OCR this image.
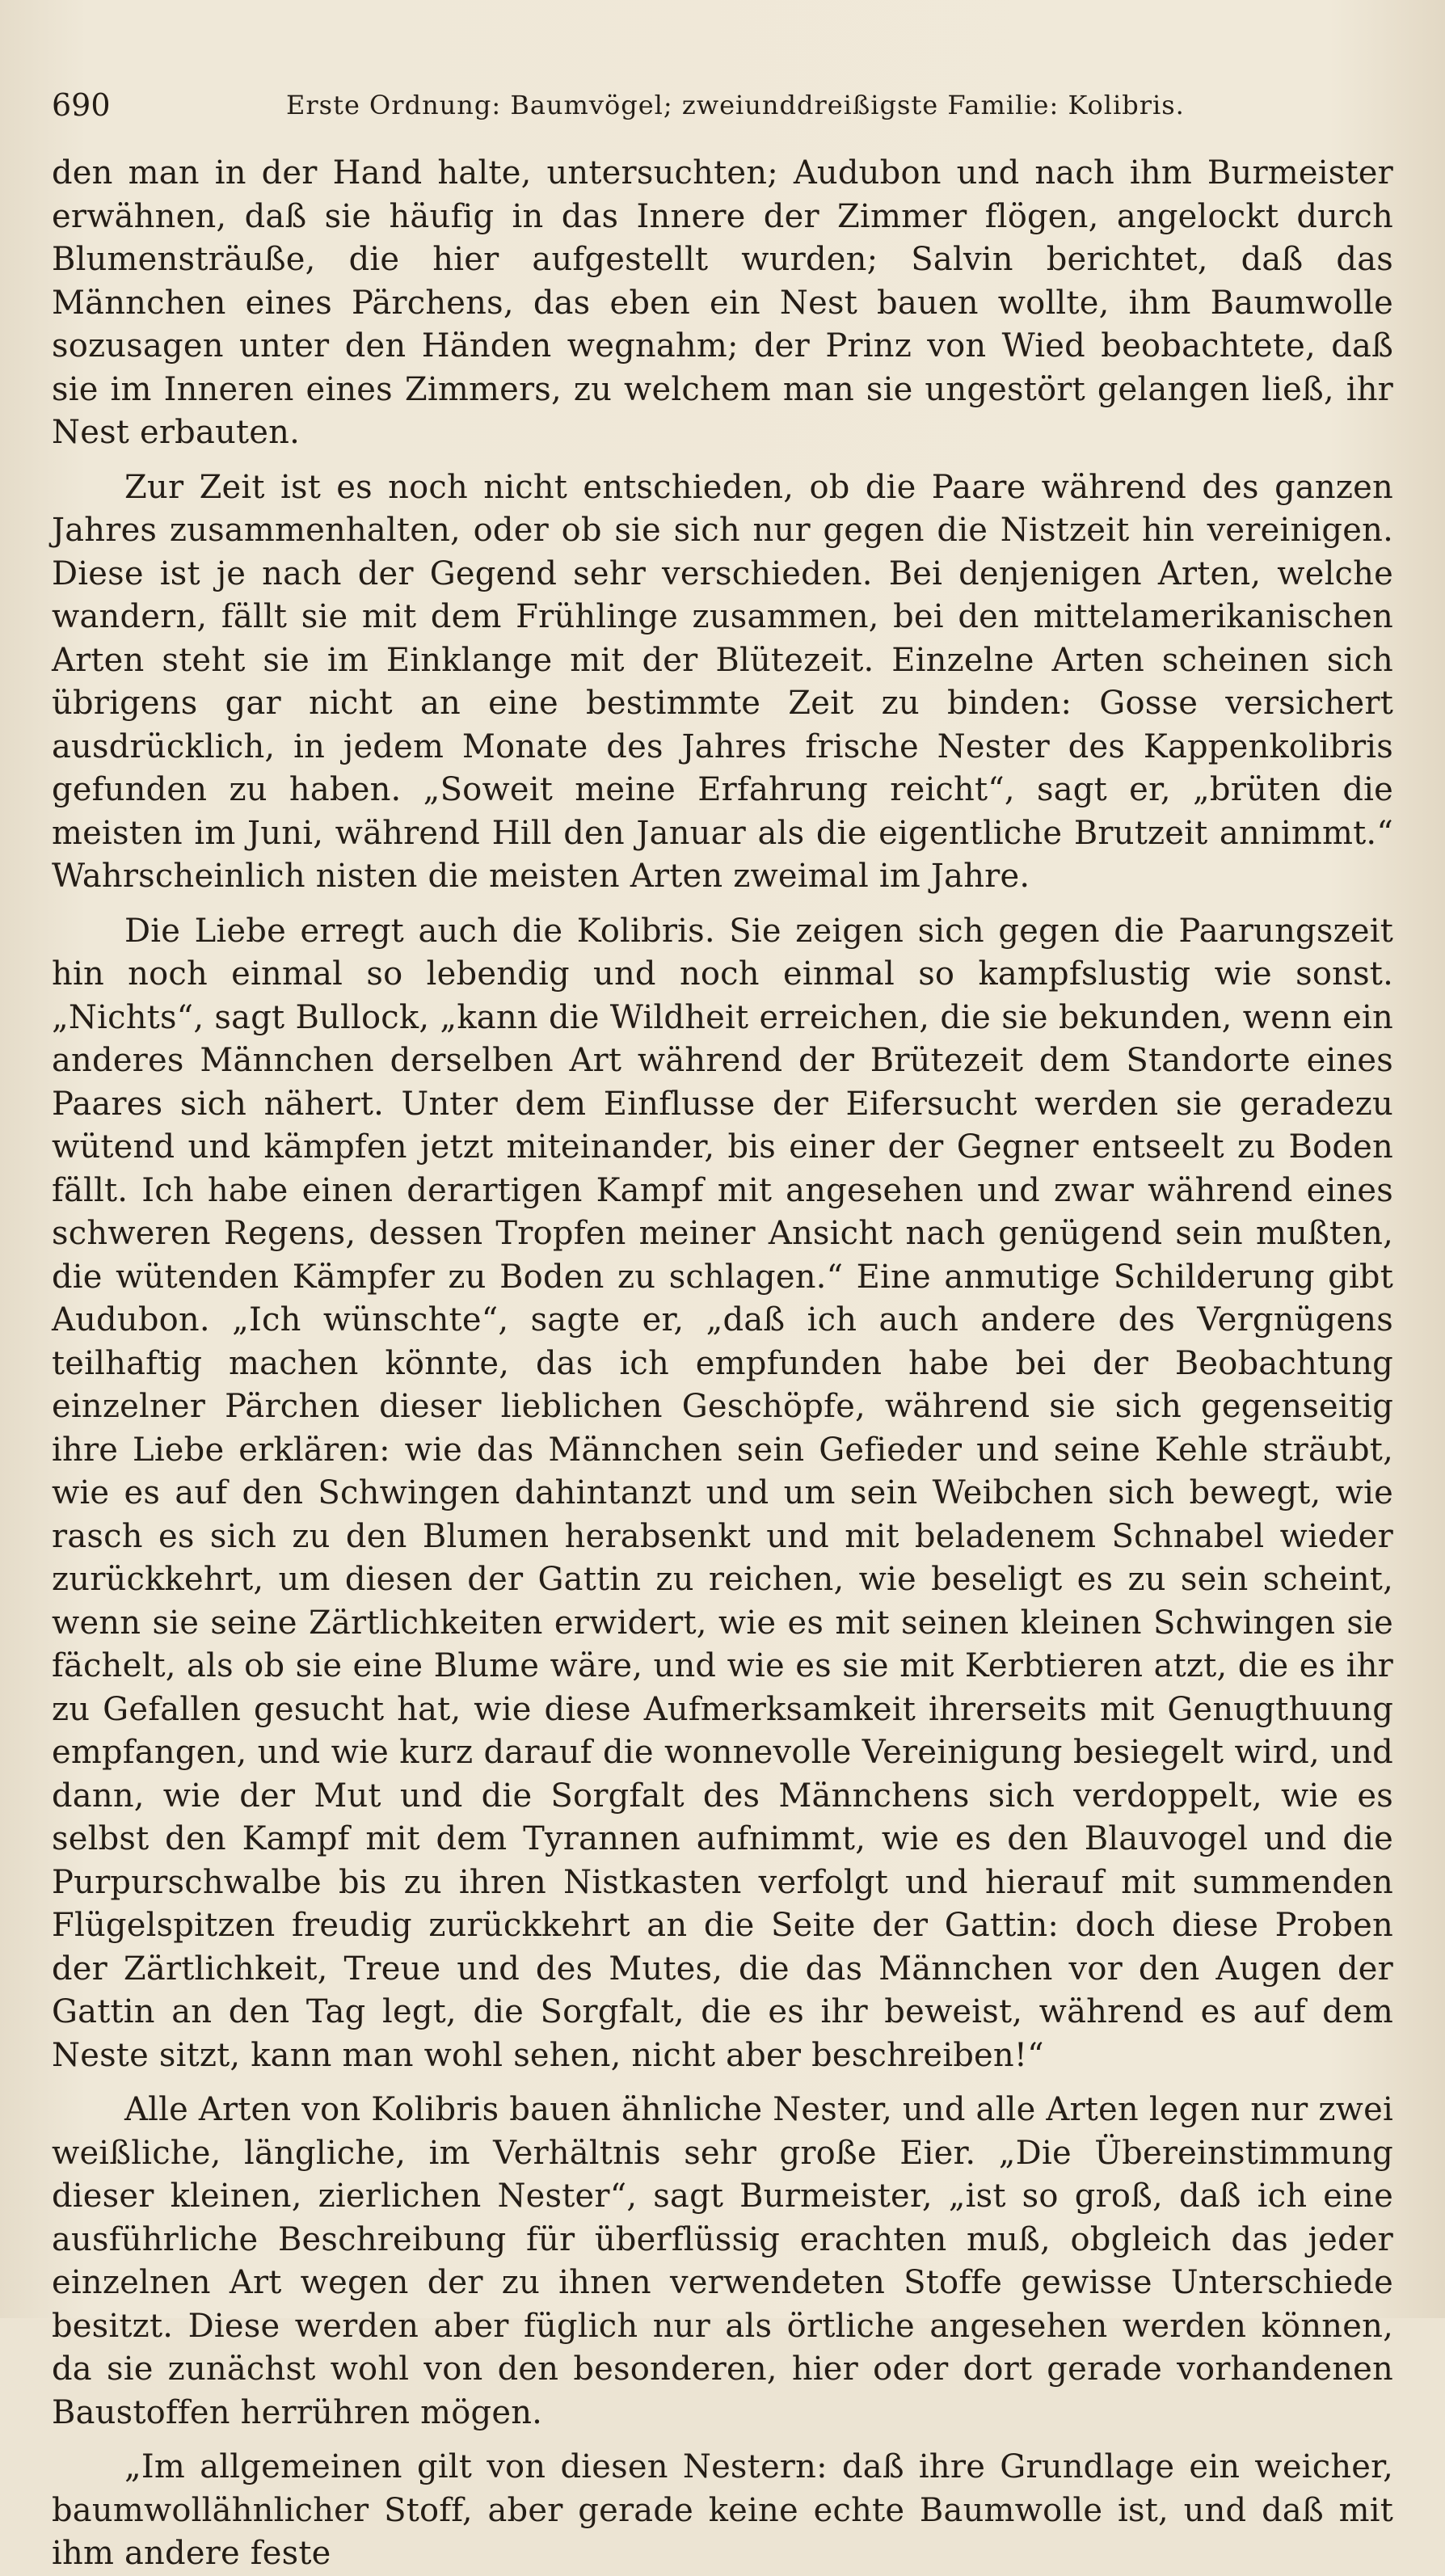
690	Erste Ordnung: Baumvögel; zweiunddreißigste Familie: Kolibris.

den man in der Hand halte, untersuchten; Audubon und nach ihm Burmeister erwähnen, daß sie häufig in das Innere der Zimmer flögen, angelockt durch Blumensträuße, die hier aufgestellt wurden; Salvin berichtet, daß das Männchen eines Pärchens, das eben ein Nest bauen wollte, ihm Baumwolle sozusagen unter den Händen wegnahm; der Prinz von Wied beobachtete, daß sie im Inneren eines Zimmers, zu welchem man sie ungestört gelangen ließ, ihr Nest erbauten.

Zur Zeit ist es noch nicht entschieden, ob die Paare während des ganzen Jahres zusammenhalten, oder ob sie sich nur gegen die Nistzeit hin vereinigen. Diese ist je nach der Gegend sehr verschieden. Bei denjenigen Arten, welche wandern, fällt sie mit dem Frühlinge zusammen, bei den mittelamerikanischen Arten steht sie im Einklange mit der Blütezeit. Einzelne Arten scheinen sich übrigens gar nicht an eine bestimmte Zeit zu binden: Gosse versichert ausdrücklich, in jedem Monate des Jahres frische Nester des Kappenkolibris gefunden zu haben. „Soweit meine Erfahrung reicht“, sagt er, „brüten die meisten im Juni, während Hill den Januar als die eigentliche Brutzeit annimmt.“ Wahrscheinlich nisten die meisten Arten zweimal im Jahre.

Die Liebe erregt auch die Kolibris. Sie zeigen sich gegen die Paarungszeit hin noch einmal so lebendig und noch einmal so kampfslustig wie sonst. „Nichts“, sagt Bullock, „kann die Wildheit erreichen, die sie bekunden, wenn ein anderes Männchen derselben Art während der Brütezeit dem Standorte eines Paares sich nähert. Unter dem Einflusse der Eifersucht werden sie geradezu wütend und kämpfen jetzt miteinander, bis einer der Gegner entseelt zu Boden fällt. Ich habe einen derartigen Kampf mit angesehen und zwar während eines schweren Regens, dessen Tropfen meiner Ansicht nach genügend sein mußten, die wütenden Kämpfer zu Boden zu schlagen.“ Eine anmutige Schilderung gibt Audubon. „Ich wünschte“, sagte er, „daß ich auch andere des Vergnügens teilhaftig machen könnte, das ich empfunden habe bei der Beobachtung einzelner Pärchen dieser lieblichen Geschöpfe, während sie sich gegenseitig ihre Liebe erklären: wie das Männchen sein Gefieder und seine Kehle sträubt, wie es auf den Schwingen dahintanzt und um sein Weibchen sich bewegt, wie rasch es sich zu den Blumen herabsenkt und mit beladenem Schnabel wieder zurückkehrt, um diesen der Gattin zu reichen, wie beseligt es zu sein scheint, wenn sie seine Zärtlichkeiten erwidert, wie es mit seinen kleinen Schwingen sie fächelt, als ob sie eine Blume wäre, und wie es sie mit Kerbtieren atzt, die es ihr zu Gefallen gesucht hat, wie diese Aufmerksamkeit ihrerseits mit Genugthuung empfangen, und wie kurz darauf die wonnevolle Vereinigung besiegelt wird, und dann, wie der Mut und die Sorgfalt des Männchens sich verdoppelt, wie es selbst den Kampf mit dem Tyrannen aufnimmt, wie es den Blauvogel und die Purpurschwalbe bis zu ihren Nistkasten verfolgt und hierauf mit summenden Flügelspitzen freudig zurückkehrt an die Seite der Gattin: doch diese Proben der Zärtlichkeit, Treue und des Mutes, die das Männchen vor den Augen der Gattin an den Tag legt, die Sorgfalt, die es ihr beweist, während es auf dem Neste sitzt, kann man wohl sehen, nicht aber beschreiben!“

Alle Arten von Kolibris bauen ähnliche Nester, und alle Arten legen nur zwei weißliche, längliche, im Verhältnis sehr große Eier. „Die Übereinstimmung dieser kleinen, zierlichen Nester“, sagt Burmeister, „ist so groß, daß ich eine ausführliche Beschreibung für überflüssig erachten muß, obgleich das jeder einzelnen Art wegen der zu ihnen verwendeten Stoffe gewisse Unterschiede besitzt. Diese werden aber füglich nur als örtliche angesehen werden können, da sie zunächst wohl von den besonderen, hier oder dort gerade vorhandenen Baustoffen herrühren mögen.

„Im allgemeinen gilt von diesen Nestern: daß ihre Grundlage ein weicher, baumwollähnlicher Stoff, aber gerade keine echte Baumwolle ist, und daß mit ihm andere feste
